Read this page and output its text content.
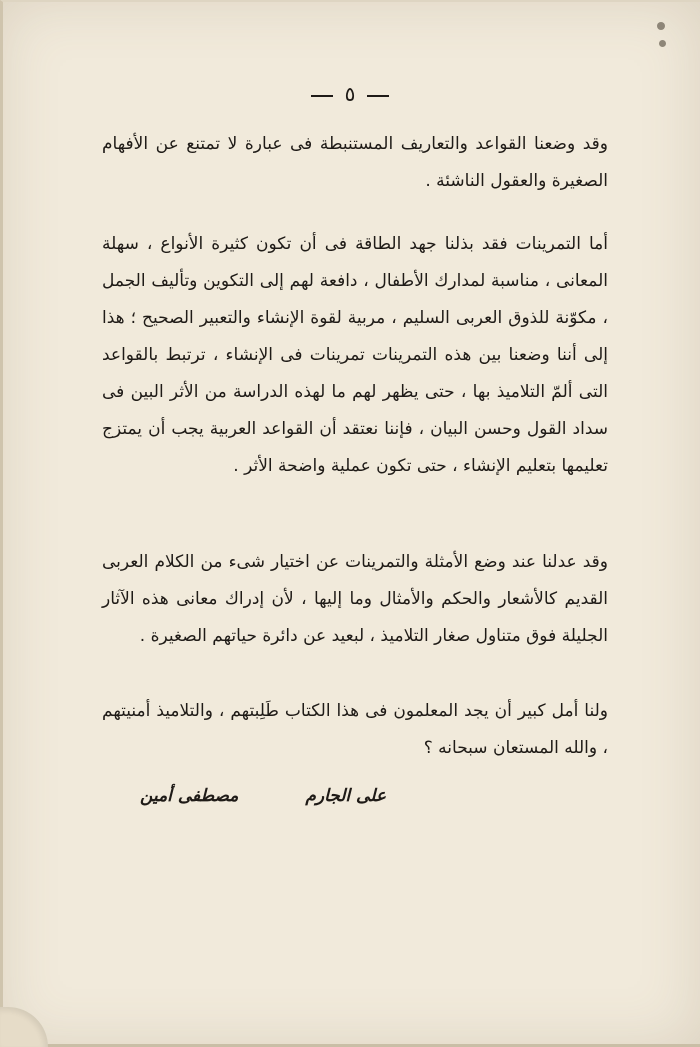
٥

وقد وضعنا القواعد والتعاريف المستنبطة فى عبارة لا تمتنع عن الأفهام الصغيرة والعقول الناشئة .

أما التمرينات فقد بذلنا جهد الطاقة فى أن تكون كثيرة الأنواع ، سهلة المعانى ، مناسبة لمدارك الأطفال ، دافعة لهم إلى التكوين وتأليف الجمل ، مكوّنة للذوق العربى السليم ، مربية لقوة الإنشاء والتعبير الصحيح ؛ هذا إلى أننا وضعنا بين هذه التمرينات تمرينات فى الإنشاء ، ترتبط بالقواعد التى ألمّ التلاميذ بها ، حتى يظهر لهم ما لهذه الدراسة من الأثر البين فى سداد القول وحسن البيان ، فإننا نعتقد أن القواعد العربية يجب أن يمتزج تعليمها بتعليم الإنشاء ، حتى تكون عملية واضحة الأثر .

وقد عدلنا عند وضع الأمثلة والتمرينات عن اختيار شىء من الكلام العربى القديم كالأشعار والحكم والأمثال وما إليها ، لأن إدراك معانى هذه الآثار الجليلة فوق متناول صغار التلاميذ ، لبعيد عن دائرة حياتهم الصغيرة .

ولنا أمل كبير أن يجد المعلمون فى هذا الكتاب طَلِبتهم ، والتلاميذ أمنيتهم ، والله المستعان سبحانه ؟

على الجارم
مصطفى أمين
